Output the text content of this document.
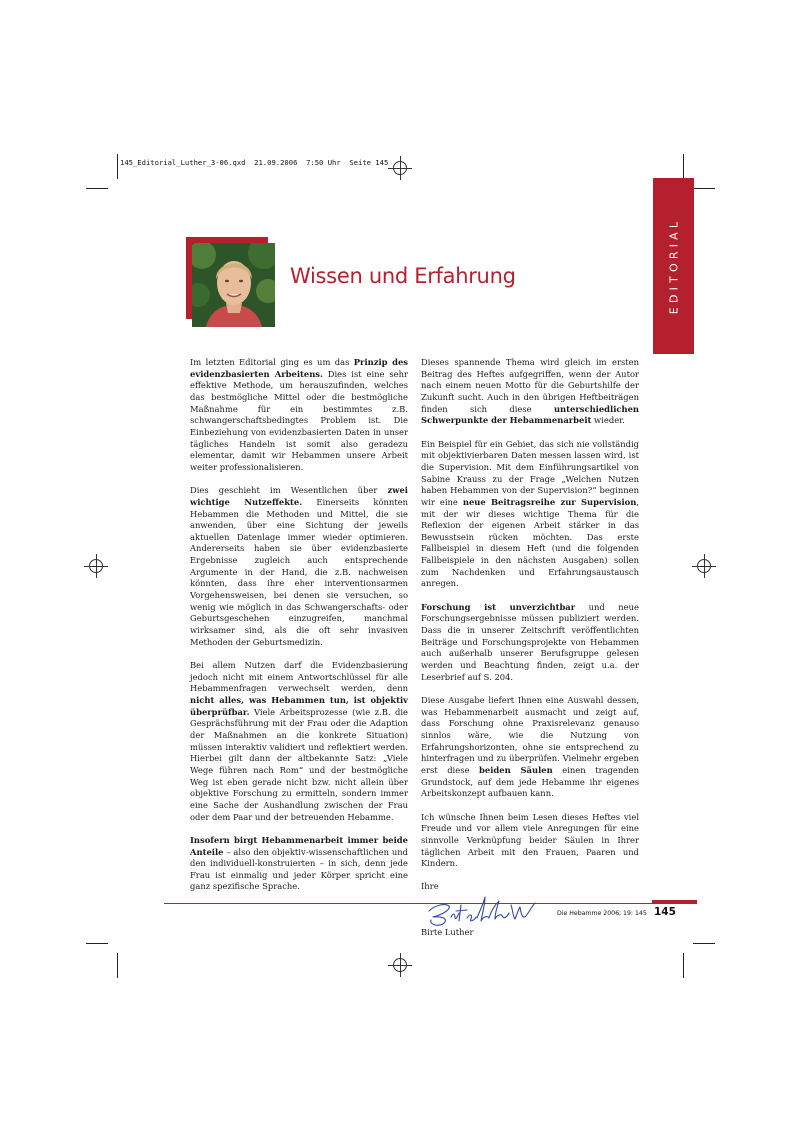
145_Editorial_Luther_3-06.qxd  21.09.2006  7:50 Uhr  Seite 145
EDITORIAL
Wissen und Erfahrung

Im letzten Editorial ging es um das Prinzip des evidenzbasierten Arbeitens. Dies ist eine sehr effektive Methode, um herauszufinden, welches das bestmögliche Mittel oder die bestmögliche Maßnahme für ein bestimmtes z.B. schwangerschaftsbedingtes Problem ist. Die Einbeziehung von evidenzbasierten Daten in unser tägliches Handeln ist somit also geradezu elementar, damit wir Hebammen unsere Arbeit weiter professionalisieren.

Dies geschieht im Wesentlichen über zwei wichtige Nutzeffekte. Einerseits könnten Hebammen die Methoden und Mittel, die sie anwenden, über eine Sichtung der jeweils aktuellen Datenlage immer wieder optimieren. Andererseits haben sie über evidenzbasierte Ergebnisse zugleich auch entsprechende Argumente in der Hand, die z.B. nachweisen könnten, dass ihre eher interventionsarmen Vorgehensweisen, bei denen sie versuchen, so wenig wie möglich in das Schwangerschafts- oder Geburtsgeschehen einzugreifen, manchmal wirksamer sind, als die oft sehr invasiven Methoden der Geburtsmedizin.

Bei allem Nutzen darf die Evidenzbasierung jedoch nicht mit einem Antwortschlüssel für alle Hebammenfragen verwechselt werden, denn nicht alles, was Hebammen tun, ist objektiv überprüfbar. Viele Arbeitsprozesse (wie z.B. die Gesprächsführung mit der Frau oder die Adaption der Maßnahmen an die konkrete Situation) müssen interaktiv validiert und reflektiert werden. Hierbei gilt dann der altbekannte Satz: „Viele Wege führen nach Rom“ und der bestmögliche Weg ist eben gerade nicht bzw. nicht allein über objektive Forschung zu ermitteln, sondern immer eine Sache der Aushandlung zwischen der Frau oder dem Paar und der betreuenden Hebamme.

Insofern birgt Hebammenarbeit immer beide Anteile – also den objektiv-wissenschaftlichen und den individuell-konstruierten – in sich, denn jede Frau ist einmalig und jeder Körper spricht eine ganz spezifische Sprache.

Dieses spannende Thema wird gleich im ersten Beitrag des Heftes aufgegriffen, wenn der Autor nach einem neuen Motto für die Geburtshilfe der Zukunft sucht. Auch in den übrigen Heftbeiträgen finden sich diese unterschiedlichen Schwerpunkte der Hebammenarbeit wieder.

Ein Beispiel für ein Gebiet, das sich nie vollständig mit objektivierbaren Daten messen lassen wird, ist die Supervision. Mit dem Einführungsartikel von Sabine Krauss zu der Frage „Welchen Nutzen haben Hebammen von der Supervision?“ beginnen wir eine neue Beitragsreihe zur Supervision, mit der wir dieses wichtige Thema für die Reflexion der eigenen Arbeit stärker in das Bewusstsein rücken möchten. Das erste Fallbeispiel in diesem Heft (und die folgenden Fallbeispiele in den nächsten Ausgaben) sollen zum Nachdenken und Erfahrungsaustausch anregen.

Forschung ist unverzichtbar und neue Forschungsergebnisse müssen publiziert werden. Dass die in unserer Zeitschrift veröffentlichten Beiträge und Forschungsprojekte von Hebammen auch außerhalb unserer Berufsgruppe gelesen werden und Beachtung finden, zeigt u.a. der Leserbrief auf S. 204.

Diese Ausgabe liefert Ihnen eine Auswahl dessen, was Hebammenarbeit ausmacht und zeigt auf, dass Forschung ohne Praxisrelevanz genauso sinnlos wäre, wie die Nutzung von Erfahrungshorizonten, ohne sie entsprechend zu hinterfragen und zu überprüfen. Vielmehr ergeben erst diese beiden Säulen einen tragenden Grundstock, auf dem jede Hebamme ihr eigenes Arbeitskonzept aufbauen kann.

Ich wünsche Ihnen beim Lesen dieses Heftes viel Freude und vor allem viele Anregungen für eine sinnvolle Verknüpfung beider Säulen in Ihrer täglichen Arbeit mit den Frauen, Paaren und Kindern.

Ihre
Birte Luther
Die Hebamme 2006; 19: 145 145
